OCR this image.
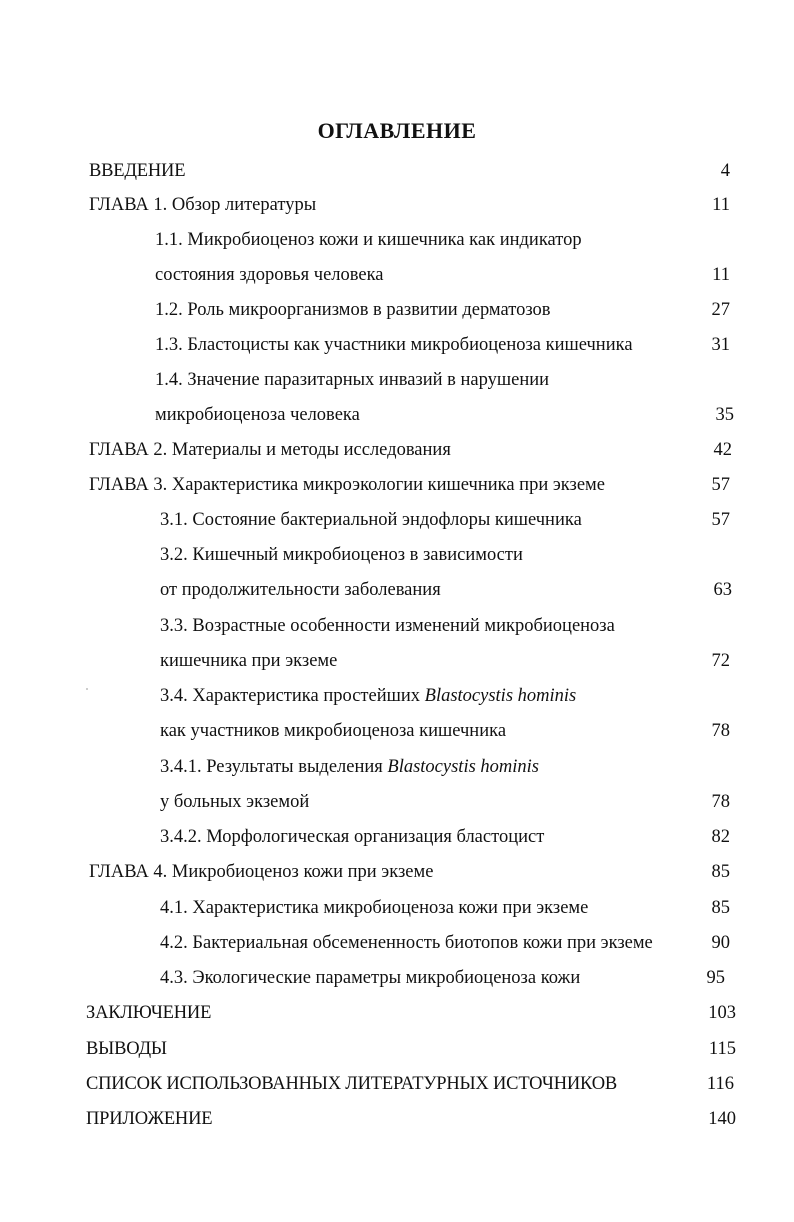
ОГЛАВЛЕНИЕ
ВВЕДЕНИЕ	4
ГЛАВА 1. Обзор литературы	11
1.1. Микробиоценоз кожи и кишечника как индикатор
состояния здоровья человека	11
1.2. Роль микроорганизмов в развитии дерматозов	27
1.3. Бластоцисты как участники микробиоценоза кишечника	31
1.4. Значение паразитарных инвазий в нарушении
микробиоценоза человека	35
ГЛАВА 2. Материалы и методы исследования	42
ГЛАВА 3. Характеристика микроэкологии кишечника при экземе	57
3.1. Состояние бактериальной эндофлоры кишечника	57
3.2. Кишечный микробиоценоз в зависимости
от продолжительности заболевания	63
3.3. Возрастные особенности изменений микробиоценоза
кишечника при экземе	72
3.4. Характеристика простейших Blastocystis hominis
как участников микробиоценоза кишечника	78
3.4.1. Результаты выделения Blastocystis hominis
у больных экземой	78
3.4.2. Морфологическая организация бластоцист	82
ГЛАВА 4. Микробиоценоз кожи при экземе	85
4.1. Характеристика микробиоценоза кожи при экземе	85
4.2. Бактериальная обсемененность биотопов кожи при экземе	90
4.3. Экологические параметры микробиоценоза кожи	95
ЗАКЛЮЧЕНИЕ	103
ВЫВОДЫ	115
СПИСОК ИСПОЛЬЗОВАННЫХ ЛИТЕРАТУРНЫХ ИСТОЧНИКОВ	116
ПРИЛОЖЕНИЕ	140
